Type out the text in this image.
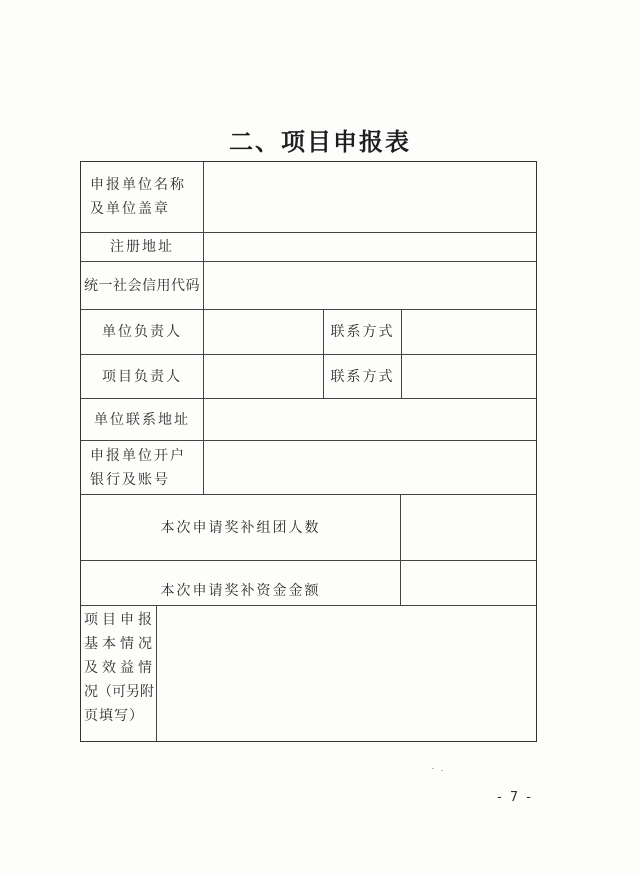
二、项目申报表
申报单位名称
及单位盖章
注册地址
统一社会信用代码
单位负责人	联系方式
项目负责人	联系方式
单位联系地址
申报单位开户
银行及账号
本次申请奖补组团人数
本次申请奖补资金金额
项目申报
基本情况
及效益情
况（可另附
页填写）
- 7 -
